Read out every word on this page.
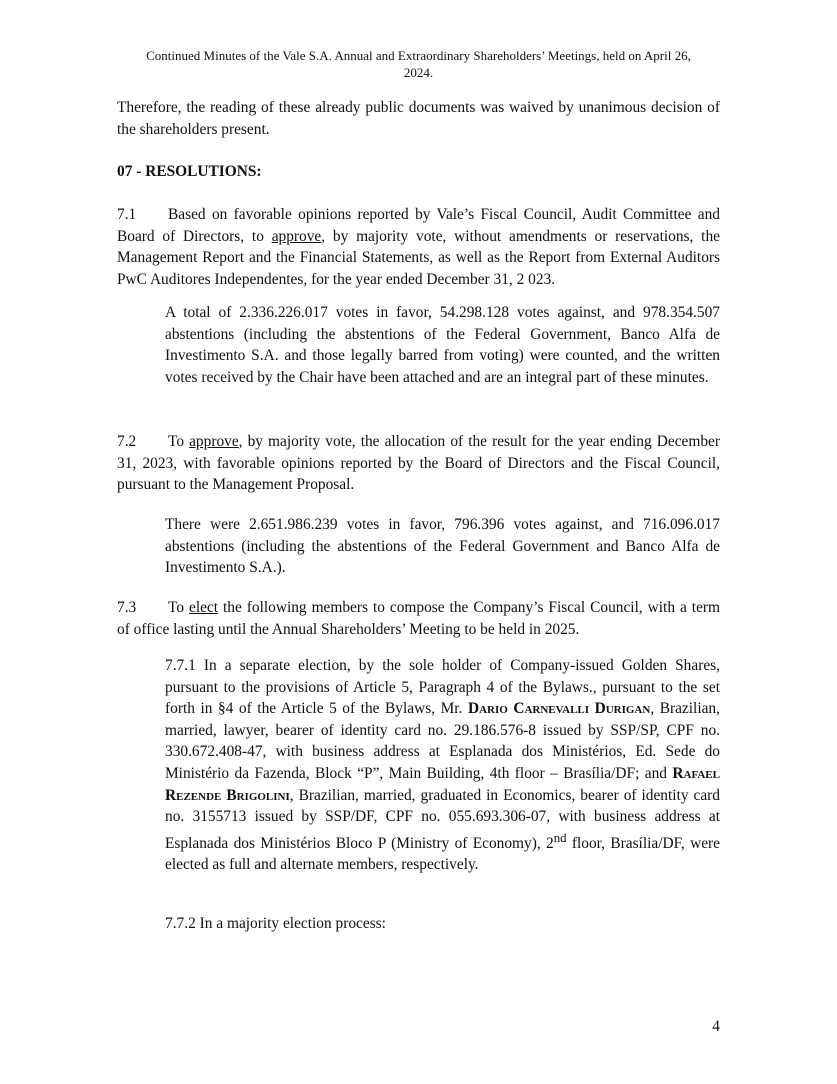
Continued Minutes of the Vale S.A. Annual and Extraordinary Shareholders’ Meetings, held on April 26,
2024.

Therefore, the reading of these already public documents was waived by unanimous decision of the shareholders present.

07 - RESOLUTIONS:

7.1 Based on favorable opinions reported by Vale’s Fiscal Council, Audit Committee and Board of Directors, to approve, by majority vote, without amendments or reservations, the Management Report and the Financial Statements, as well as the Report from External Auditors PwC Auditores Independentes, for the year ended December 31, 2 023.

A total of 2.336.226.017 votes in favor, 54.298.128 votes against, and 978.354.507 abstentions (including the abstentions of the Federal Government, Banco Alfa de Investimento S.A. and those legally barred from voting) were counted, and the written votes received by the Chair have been attached and are an integral part of these minutes.

7.2 To approve, by majority vote, the allocation of the result for the year ending December 31, 2023, with favorable opinions reported by the Board of Directors and the Fiscal Council, pursuant to the Management Proposal.

There were 2.651.986.239 votes in favor, 796.396 votes against, and 716.096.017 abstentions (including the abstentions of the Federal Government and Banco Alfa de Investimento S.A.).

7.3 To elect the following members to compose the Company’s Fiscal Council, with a term of office lasting until the Annual Shareholders’ Meeting to be held in 2025.

7.7.1 In a separate election, by the sole holder of Company-issued Golden Shares, pursuant to the provisions of Article 5, Paragraph 4 of the Bylaws., pursuant to the set forth in §4 of the Article 5 of the Bylaws, Mr. Dario Carnevalli Durigan, Brazilian, married, lawyer, bearer of identity card no. 29.186.576-8 issued by SSP/SP, CPF no. 330.672.408-47, with business address at Esplanada dos Ministérios, Ed. Sede do Ministério da Fazenda, Block “P”, Main Building, 4th floor – Brasília/DF; and Rafael Rezende Brigolini, Brazilian, married, graduated in Economics, bearer of identity card no. 3155713 issued by SSP/DF, CPF no. 055.693.306-07, with business address at Esplanada dos Ministérios Bloco P (Ministry of Economy), 2nd floor, Brasília/DF, were elected as full and alternate members, respectively.

7.7.2 In a majority election process:

4
